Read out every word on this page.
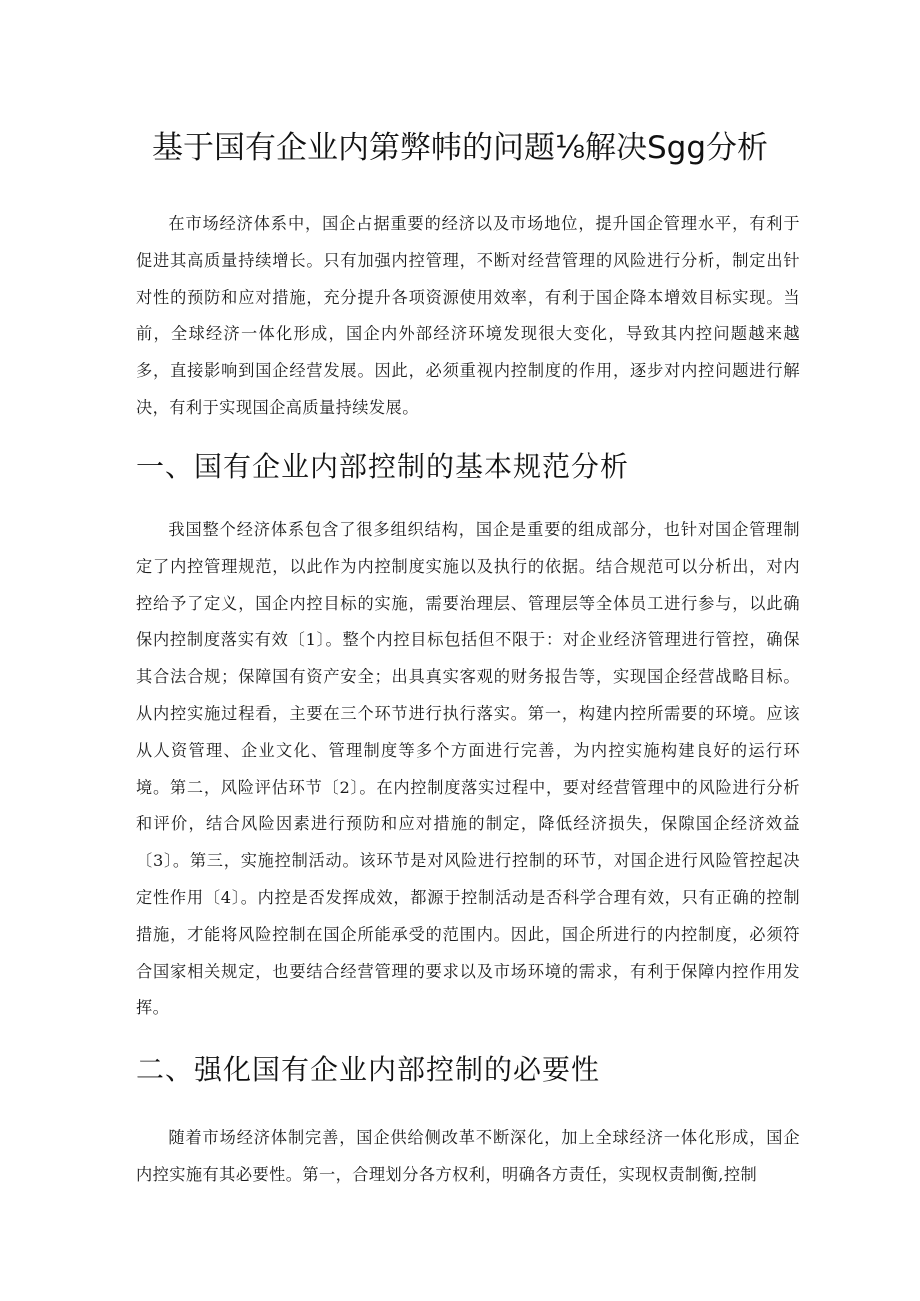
基于国有企业内第弊帏的问题⅛解决Sgg分析

在市场经济体系中，国企占据重要的经济以及市场地位，提升国企管理水平，有利于促进其高质量持续增长。只有加强内控管理，不断对经营管理的风险进行分析，制定出针对性的预防和应对措施，充分提升各项资源使用效率，有利于国企降本增效目标实现。当前，全球经济一体化形成，国企内外部经济环境发现很大变化，导致其内控问题越来越多，直接影响到国企经营发展。因此，必须重视内控制度的作用，逐步对内控问题进行解决，有利于实现国企高质量持续发展。

一、国有企业内部控制的基本规范分析

我国整个经济体系包含了很多组织结构，国企是重要的组成部分，也针对国企管理制定了内控管理规范，以此作为内控制度实施以及执行的依据。结合规范可以分析出，对内控给予了定义，国企内控目标的实施，需要治理层、管理层等全体员工进行参与，以此确保内控制度落实有效〔1〕。整个内控目标包括但不限于：对企业经济管理进行管控，确保其合法合规；保障国有资产安全；出具真实客观的财务报告等，实现国企经营战略目标。从内控实施过程看，主要在三个环节进行执行落实。第一，构建内控所需要的环境。应该从人资管理、企业文化、管理制度等多个方面进行完善，为内控实施构建良好的运行环境。第二，风险评估环节〔2〕。在内控制度落实过程中，要对经营管理中的风险进行分析和评价，结合风险因素进行预防和应对措施的制定，降低经济损失，保隙国企经济效益〔3〕。第三，实施控制活动。该环节是对风险进行控制的环节，对国企进行风险管控起决定性作用〔4〕。内控是否发挥成效，都源于控制活动是否科学合理有效，只有正确的控制措施，才能将风险控制在国企所能承受的范围内。因此，国企所进行的内控制度，必须符合国家相关规定，也要结合经营管理的要求以及市场环境的需求，有利于保障内控作用发挥。

二、强化国有企业内部控制的必要性

随着市场经济体制完善，国企供给侧改革不断深化，加上全球经济一体化形成，国企内控实施有其必要性。第一，合理划分各方权利，明确各方责任，实现权责制衡,控制
